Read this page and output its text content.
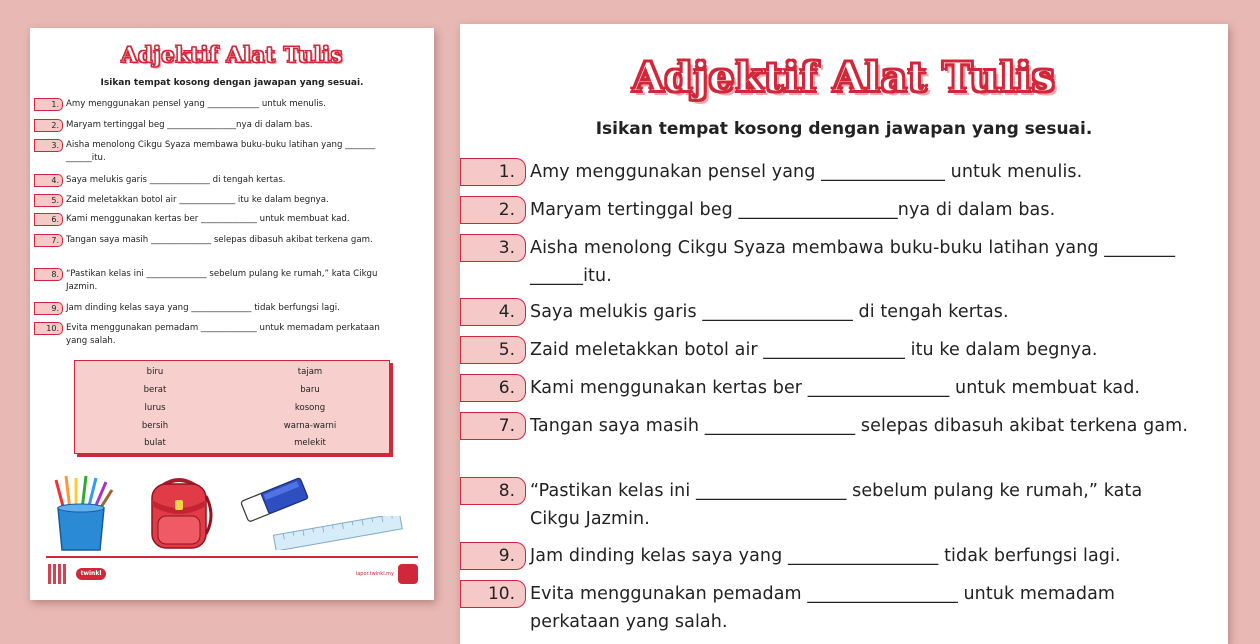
Adjektif Alat Tulis
Isikan tempat kosong dengan jawapan yang sesuai.
1. Amy menggunakan pensel yang ____________ untuk menulis.
2. Maryam tertinggal beg ________________nya di dalam bas.
3. Aisha menolong Cikgu Syaza membawa buku-buku latihan yang _______ ______itu.
4. Saya melukis garis ______________ di tengah kertas.
5. Zaid meletakkan botol air _____________ itu ke dalam begnya.
6. Kami menggunakan kertas ber _____________ untuk membuat kad.
7. Tangan saya masih ______________ selepas dibasuh akibat terkena gam.
8. “Pastikan kelas ini ______________ sebelum pulang ke rumah,” kata Cikgu Jazmin.
9. Jam dinding kelas saya yang ______________ tidak berfungsi lagi.
10. Evita menggunakan pemadam _____________ untuk memadam perkataan yang salah.
biru	tajam
berat	baru
lurus	kosong
bersih	warna-warni
bulat	melekit
twinkl	lapor.twinkl.my
Adjektif Alat Tulis
Isikan tempat kosong dengan jawapan yang sesuai.
1. Amy menggunakan pensel yang ______________ untuk menulis.
2. Maryam tertinggal beg __________________nya di dalam bas.
3. Aisha menolong Cikgu Syaza membawa buku-buku latihan yang ________ ______itu.
4. Saya melukis garis _________________ di tengah kertas.
5. Zaid meletakkan botol air ________________ itu ke dalam begnya.
6. Kami menggunakan kertas ber ________________ untuk membuat kad.
7. Tangan saya masih _________________ selepas dibasuh akibat terkena gam.
8. “Pastikan kelas ini _________________ sebelum pulang ke rumah,” kata Cikgu Jazmin.
9. Jam dinding kelas saya yang _________________ tidak berfungsi lagi.
10. Evita menggunakan pemadam _________________ untuk memadam perkataan yang salah.
